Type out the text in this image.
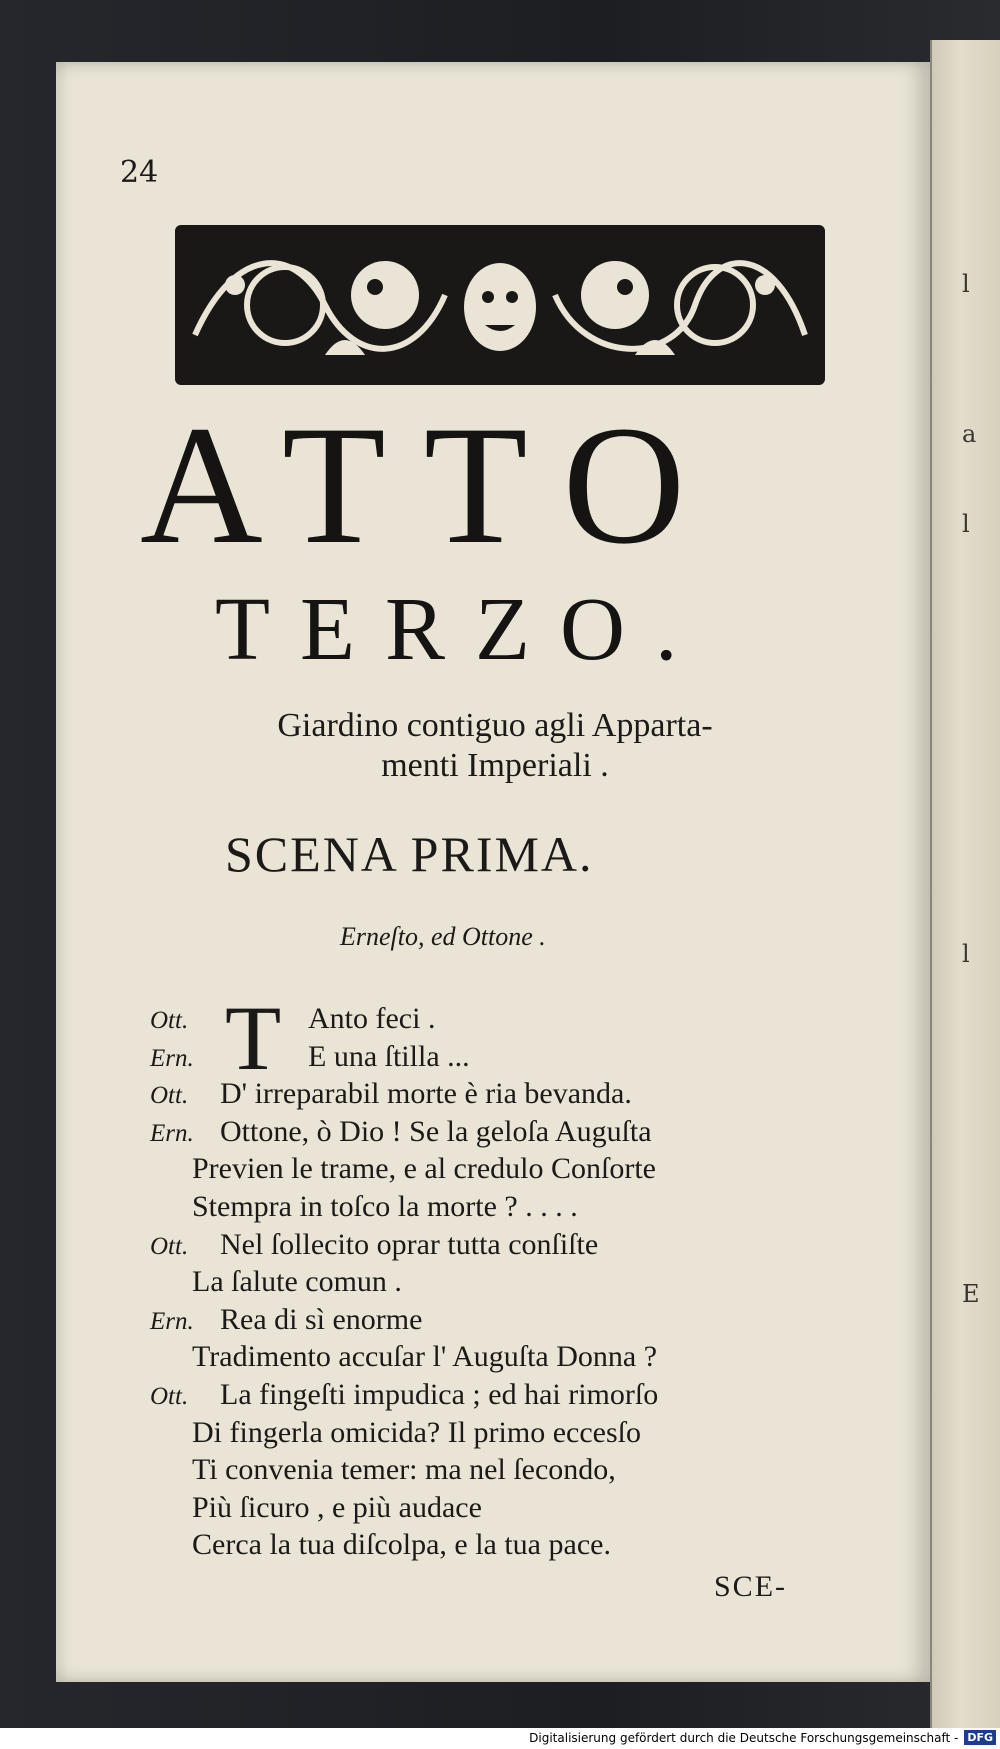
l
a
l
l
E
24
ATTO
TERZO.
Giardino contiguo agli Apparta-
menti Imperiali .
SCENA PRIMA.
Erneſto, ed Ottone .
T
Ott.	Anto feci .
Ern.	E una ſtilla ...
Ott. D' irreparabil morte è ria bevanda.
Ern. Ottone, ò Dio ! Se la geloſa Auguſta
Previen le trame, e al credulo Conſorte
Stempra in toſco la morte ? . . . .
Ott. Nel ſollecito oprar tutta conſiſte
La ſalute comun .
Ern. Rea di sì enorme
Tradimento accuſar l' Auguſta Donna ?
Ott. La fingeſti impudica ; ed hai rimorſo
Di fingerla omicida? Il primo eccesſo
Ti convenia temer: ma nel ſecondo,
Più ſicuro , e più audace
Cerca la tua diſcolpa, e la tua pace.
SCE-
Digitalisierung gefördert durch die Deutsche Forschungsgemeinschaft - DFG
